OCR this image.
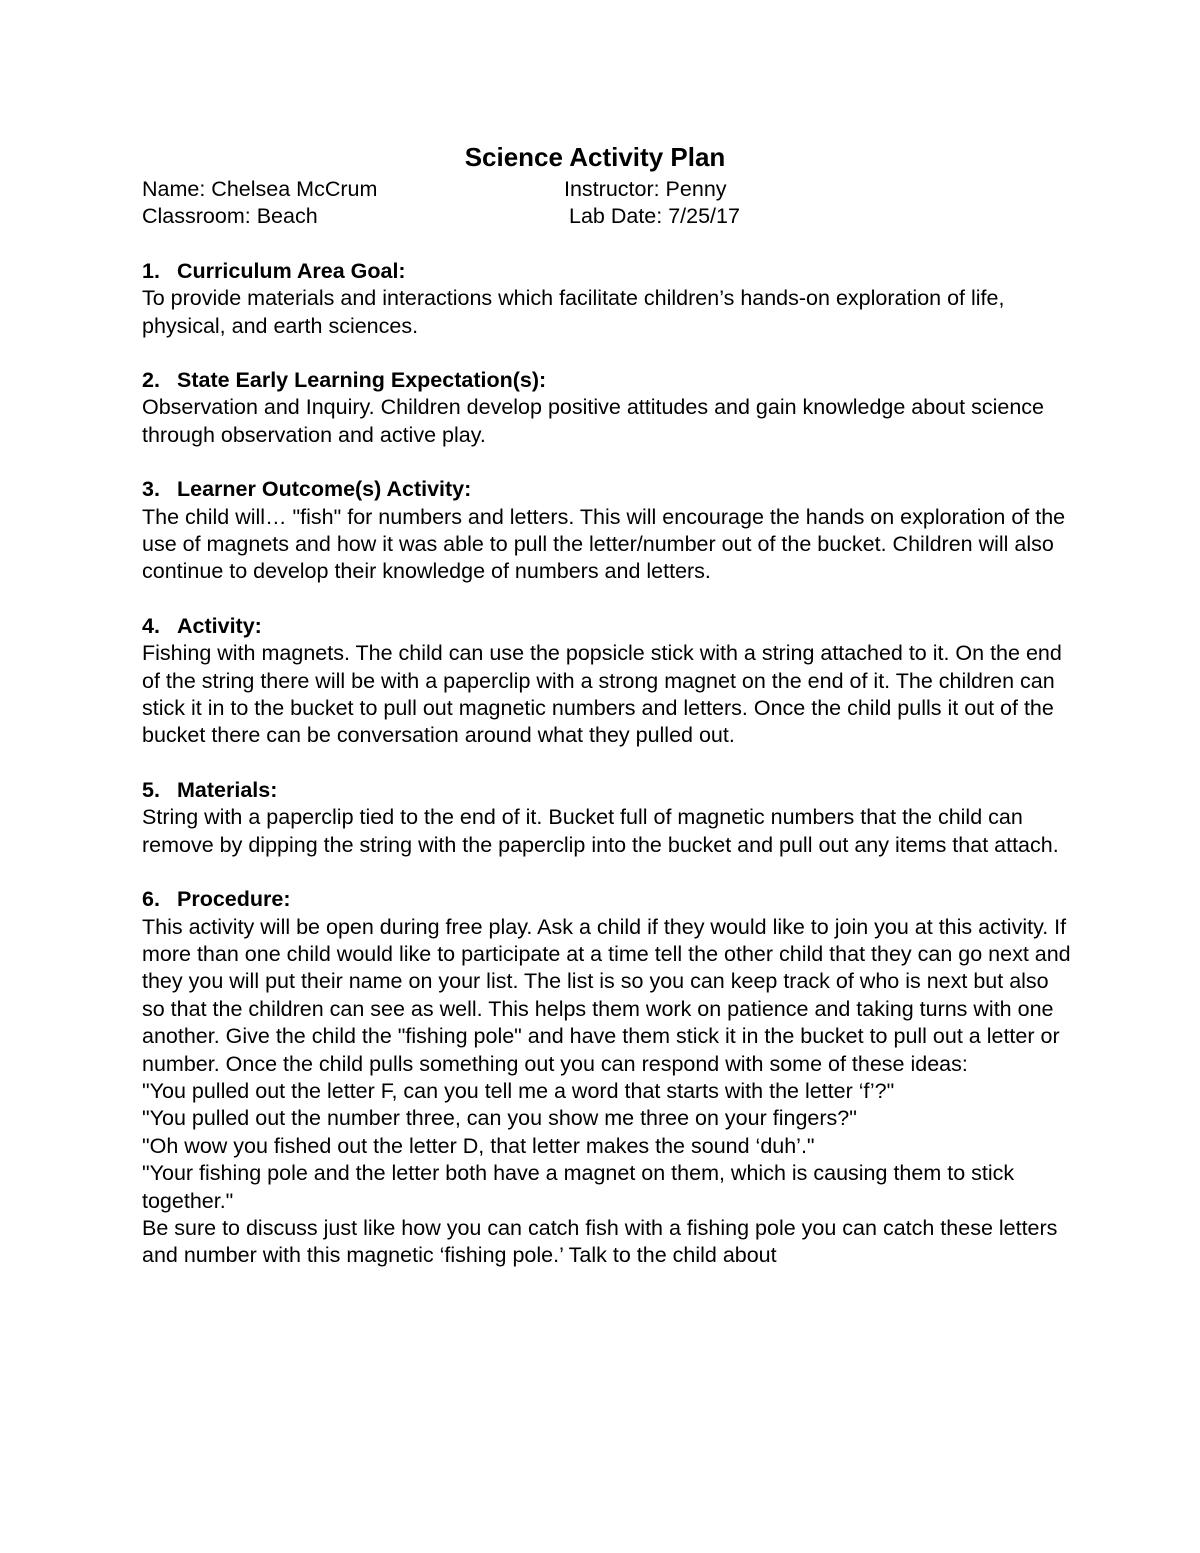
Science Activity Plan
Name: Chelsea McCrum	Instructor: Penny
Classroom: Beach	Lab Date: 7/25/17
1. Curriculum Area Goal:

To provide materials and interactions which facilitate children’s hands-on exploration of life, physical, and earth sciences.

2. State Early Learning Expectation(s):

Observation and Inquiry. Children develop positive attitudes and gain knowledge about science through observation and active play.

3. Learner Outcome(s) Activity:

The child will… "fish" for numbers and letters. This will encourage the hands on exploration of the use of magnets and how it was able to pull the letter/number out of the bucket. Children will also continue to develop their knowledge of numbers and letters.

4. Activity:

Fishing with magnets. The child can use the popsicle stick with a string attached to it. On the end of the string there will be with a paperclip with a strong magnet on the end of it. The children can stick it in to the bucket to pull out magnetic numbers and letters. Once the child pulls it out of the bucket there can be conversation around what they pulled out.

5. Materials:

String with a paperclip tied to the end of it. Bucket full of magnetic numbers that the child can remove by dipping the string with the paperclip into the bucket and pull out any items that attach.

6. Procedure:

This activity will be open during free play. Ask a child if they would like to join you at this activity. If more than one child would like to participate at a time tell the other child that they can go next and they you will put their name on your list. The list is so you can keep track of who is next but also so that the children can see as well. This helps them work on patience and taking turns with one another. Give the child the "fishing pole" and have them stick it in the bucket to pull out a letter or number. Once the child pulls something out you can respond with some of these ideas:

"You pulled out the letter F, can you tell me a word that starts with the letter ‘f’?"

"You pulled out the number three, can you show me three on your fingers?"

"Oh wow you fished out the letter D, that letter makes the sound ‘duh’."

"Your fishing pole and the letter both have a magnet on them, which is causing them to stick together."

Be sure to discuss just like how you can catch fish with a fishing pole you can catch these letters and number with this magnetic ‘fishing pole.’ Talk to the child about
